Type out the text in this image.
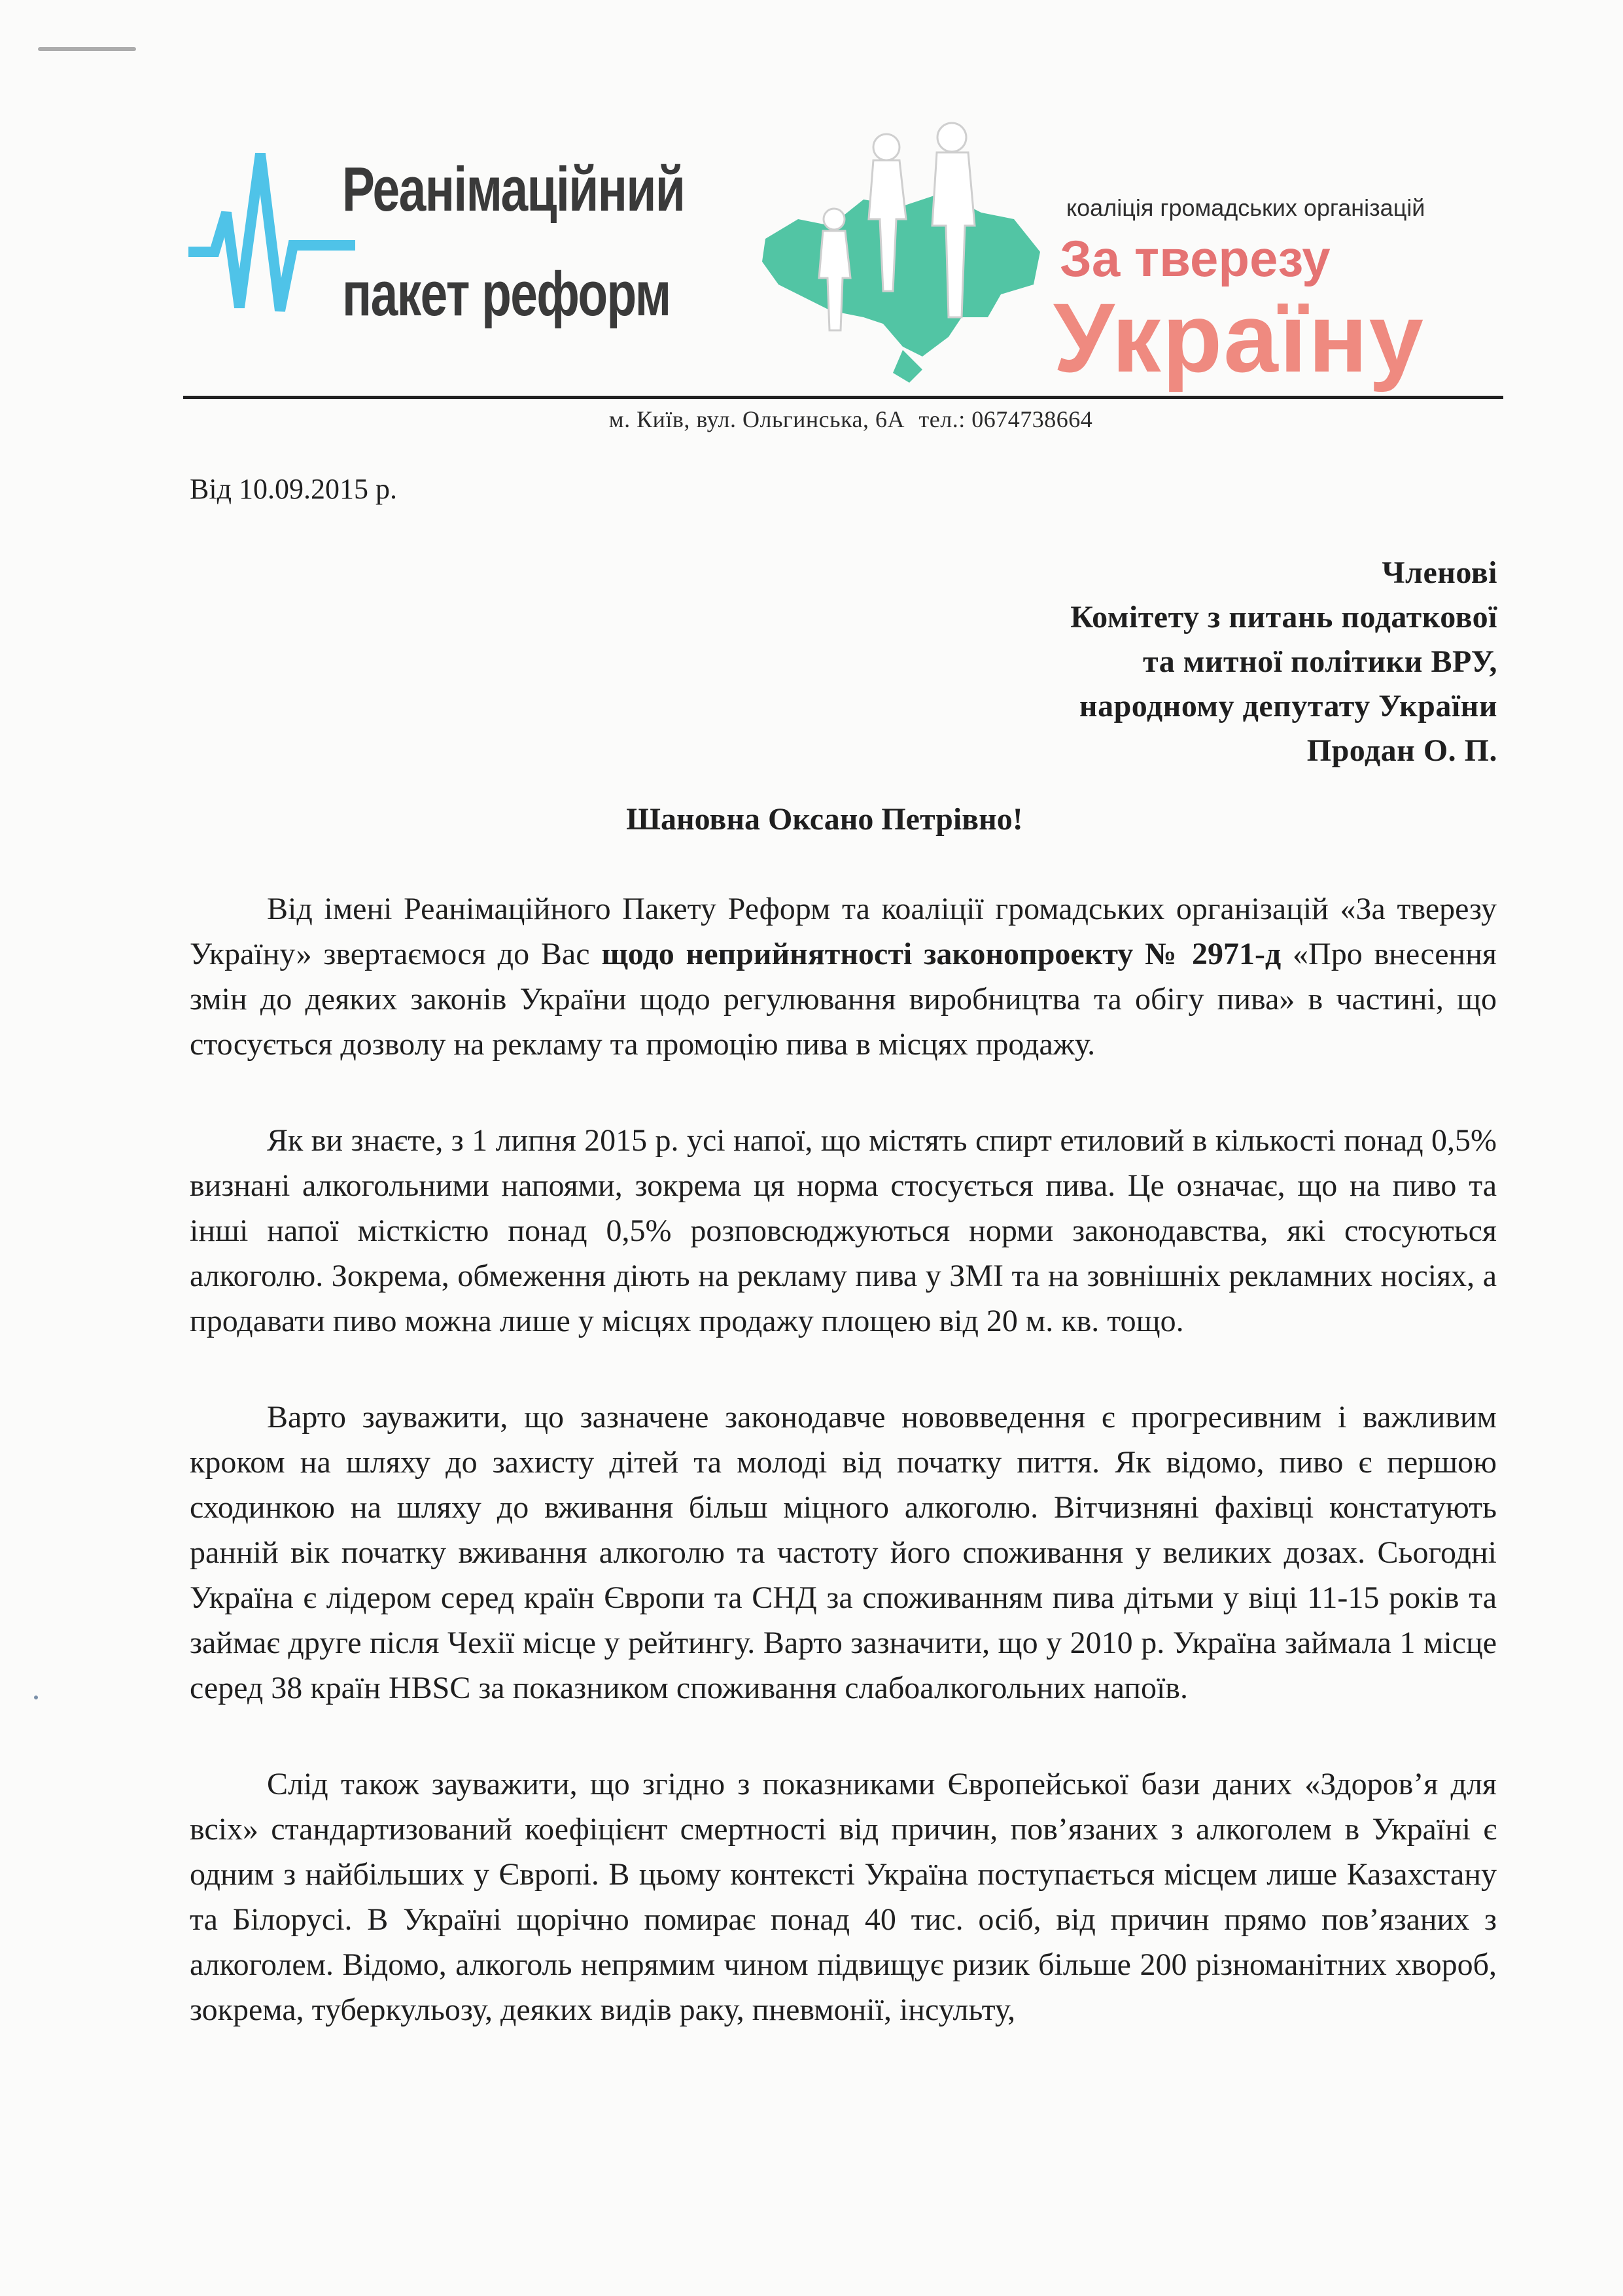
Реанімаційний
пакет реформ
коаліція громадських організацій
За тверезу
Україну
м. Київ, вул. Ольгинська, 6А тел.: 0674738664
Від 10.09.2015 р.
Членові
Комітету з питань податкової
та митної політики ВРУ,
народному депутату України
Продан О. П.
Шановна Оксано Петрівно!

Від імені Реанімаційного Пакету Реформ та коаліції громадських організацій «За тверезу Україну» звертаємося до Вас щодо неприйнятності законопроекту № 2971-д «Про внесення змін до деяких законів України щодо регулювання виробництва та обігу пива» в частині, що стосується дозволу на рекламу та промоцію пива в місцях продажу.

Як ви знаєте, з 1 липня 2015 р. усі напої, що містять спирт етиловий в кількості понад 0,5% визнані алкогольними напоями, зокрема ця норма стосується пива. Це означає, що на пиво та інші напої місткістю понад 0,5% розповсюджуються норми законодавства, які стосуються алкоголю. Зокрема, обмеження діють на рекламу пива у ЗМІ та на зовнішніх рекламних носіях, а продавати пиво можна лише у місцях продажу площею від 20 м. кв. тощо.

Варто зауважити, що зазначене законодавче нововведення є прогресивним і важливим кроком на шляху до захисту дітей та молоді від початку пиття. Як відомо, пиво є першою сходинкою на шляху до вживання більш міцного алкоголю. Вітчизняні фахівці констатують ранній вік початку вживання алкоголю та частоту його споживання у великих дозах. Сьогодні Україна є лідером серед країн Європи та СНД за споживанням пива дітьми у віці 11-15 років та займає друге після Чехії місце у рейтингу. Варто зазначити, що у 2010 р. Україна займала 1 місце серед 38 країн HBSC за показником споживання слабоалкогольних напоїв.

Слід також зауважити, що згідно з показниками Європейської бази даних «Здоров’я для всіх» стандартизований коефіцієнт смертності від причин, пов’язаних з алкоголем в Україні є одним з найбільших у Європі. В цьому контексті Україна поступається місцем лише Казахстану та Білорусі. В Україні щорічно помирає понад 40 тис. осіб, від причин прямо пов’язаних з алкоголем. Відомо, алкоголь непрямим чином підвищує ризик більше 200 різноманітних хвороб, зокрема, туберкульозу, деяких видів раку, пневмонії, інсульту,
